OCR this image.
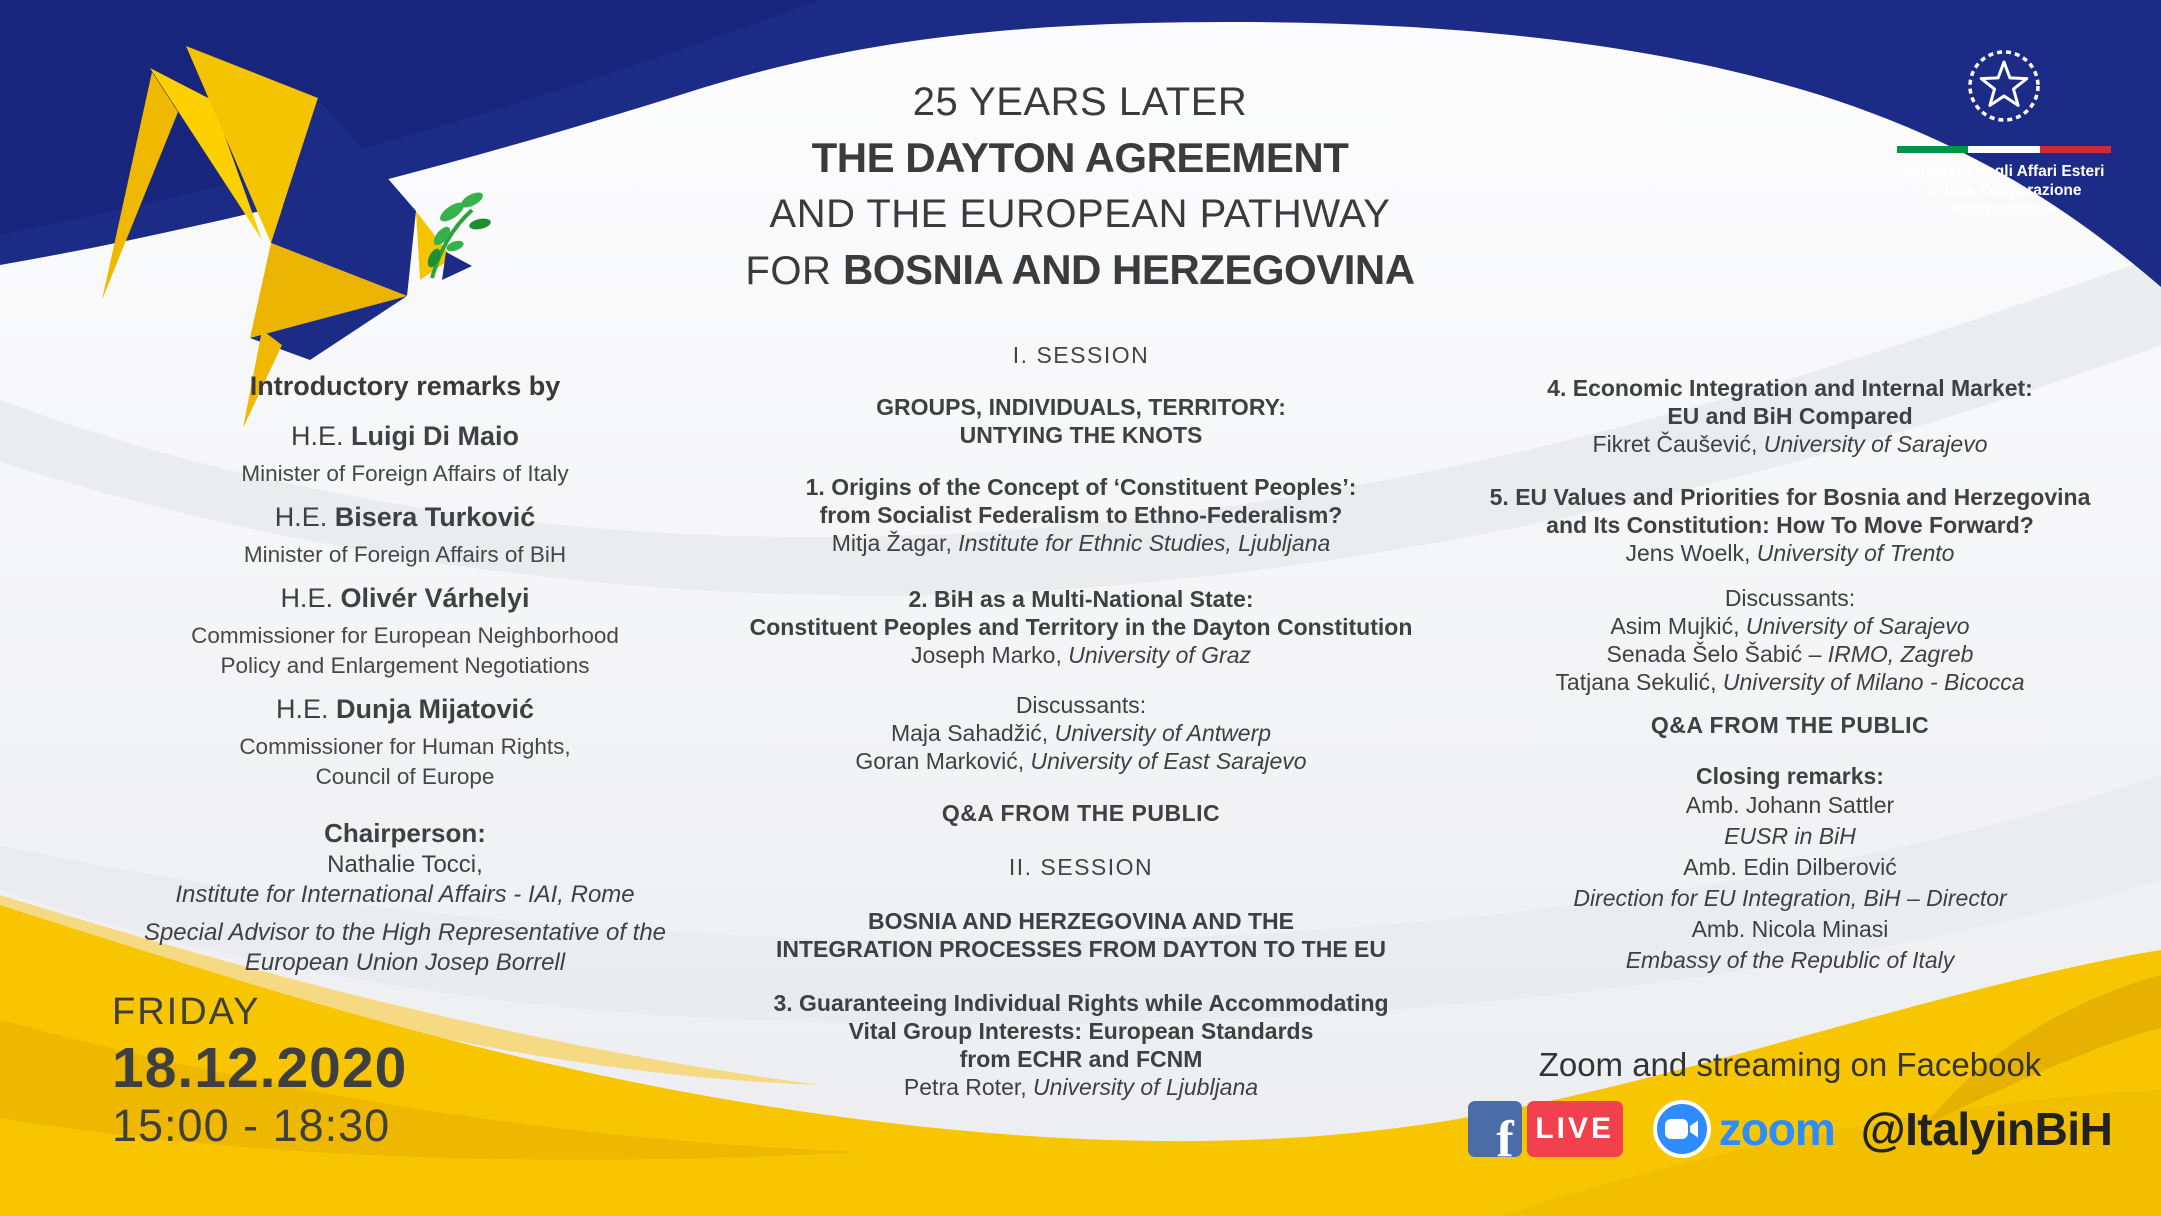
Ministero degli Affari Esteri
e della Cooperazione Internazionale
25 YEARS LATER
THE DAYTON AGREEMENT
AND THE EUROPEAN PATHWAY
FOR BOSNIA AND HERZEGOVINA
Introductory remarks by
H.E. Luigi Di Maio
Minister of Foreign Affairs of Italy
H.E. Bisera Turković
Minister of Foreign Affairs of BiH
H.E. Olivér Várhelyi
Commissioner for European Neighborhood
Policy and Enlargement Negotiations
H.E. Dunja Mijatović
Commissioner for Human Rights,
Council of Europe
Chairperson:
Nathalie Tocci,
Institute for International Affairs - IAI, Rome
Special Advisor to the High Representative of the
European Union Josep Borrell
FRIDAY
18.12.2020
15:00 - 18:30
I. SESSION
GROUPS, INDIVIDUALS, TERRITORY:
UNTYING THE KNOTS
1. Origins of the Concept of ‘Constituent Peoples’:
from Socialist Federalism to Ethno-Federalism?
Mitja Žagar, Institute for Ethnic Studies, Ljubljana
2. BiH as a Multi-National State:
Constituent Peoples and Territory in the Dayton Constitution
Joseph Marko, University of Graz
Discussants:
Maja Sahadžić, University of Antwerp
Goran Marković, University of East Sarajevo
Q&A FROM THE PUBLIC
II. SESSION
BOSNIA AND HERZEGOVINA AND THE
INTEGRATION PROCESSES FROM DAYTON TO THE EU
3. Guaranteeing Individual Rights while Accommodating
Vital Group Interests: European Standards
from ECHR and FCNM
Petra Roter, University of Ljubljana
4. Economic Integration and Internal Market:
EU and BiH Compared
Fikret Čaušević, University of Sarajevo
5. EU Values and Priorities for Bosnia and Herzegovina
and Its Constitution: How To Move Forward?
Jens Woelk, University of Trento
Discussants:
Asim Mujkić, University of Sarajevo
Senada Šelo Šabić – IRMO, Zagreb
Tatjana Sekulić, University of Milano - Bicocca
Q&A FROM THE PUBLIC
Closing remarks:
Amb. Johann Sattler
EUSR in BiH
Amb. Edin Dilberović
Direction for EU Integration, BiH – Director
Amb. Nicola Minasi
Embassy of the Republic of Italy
Zoom and streaming on Facebook
f LIVE zoom @ItalyinBiH
